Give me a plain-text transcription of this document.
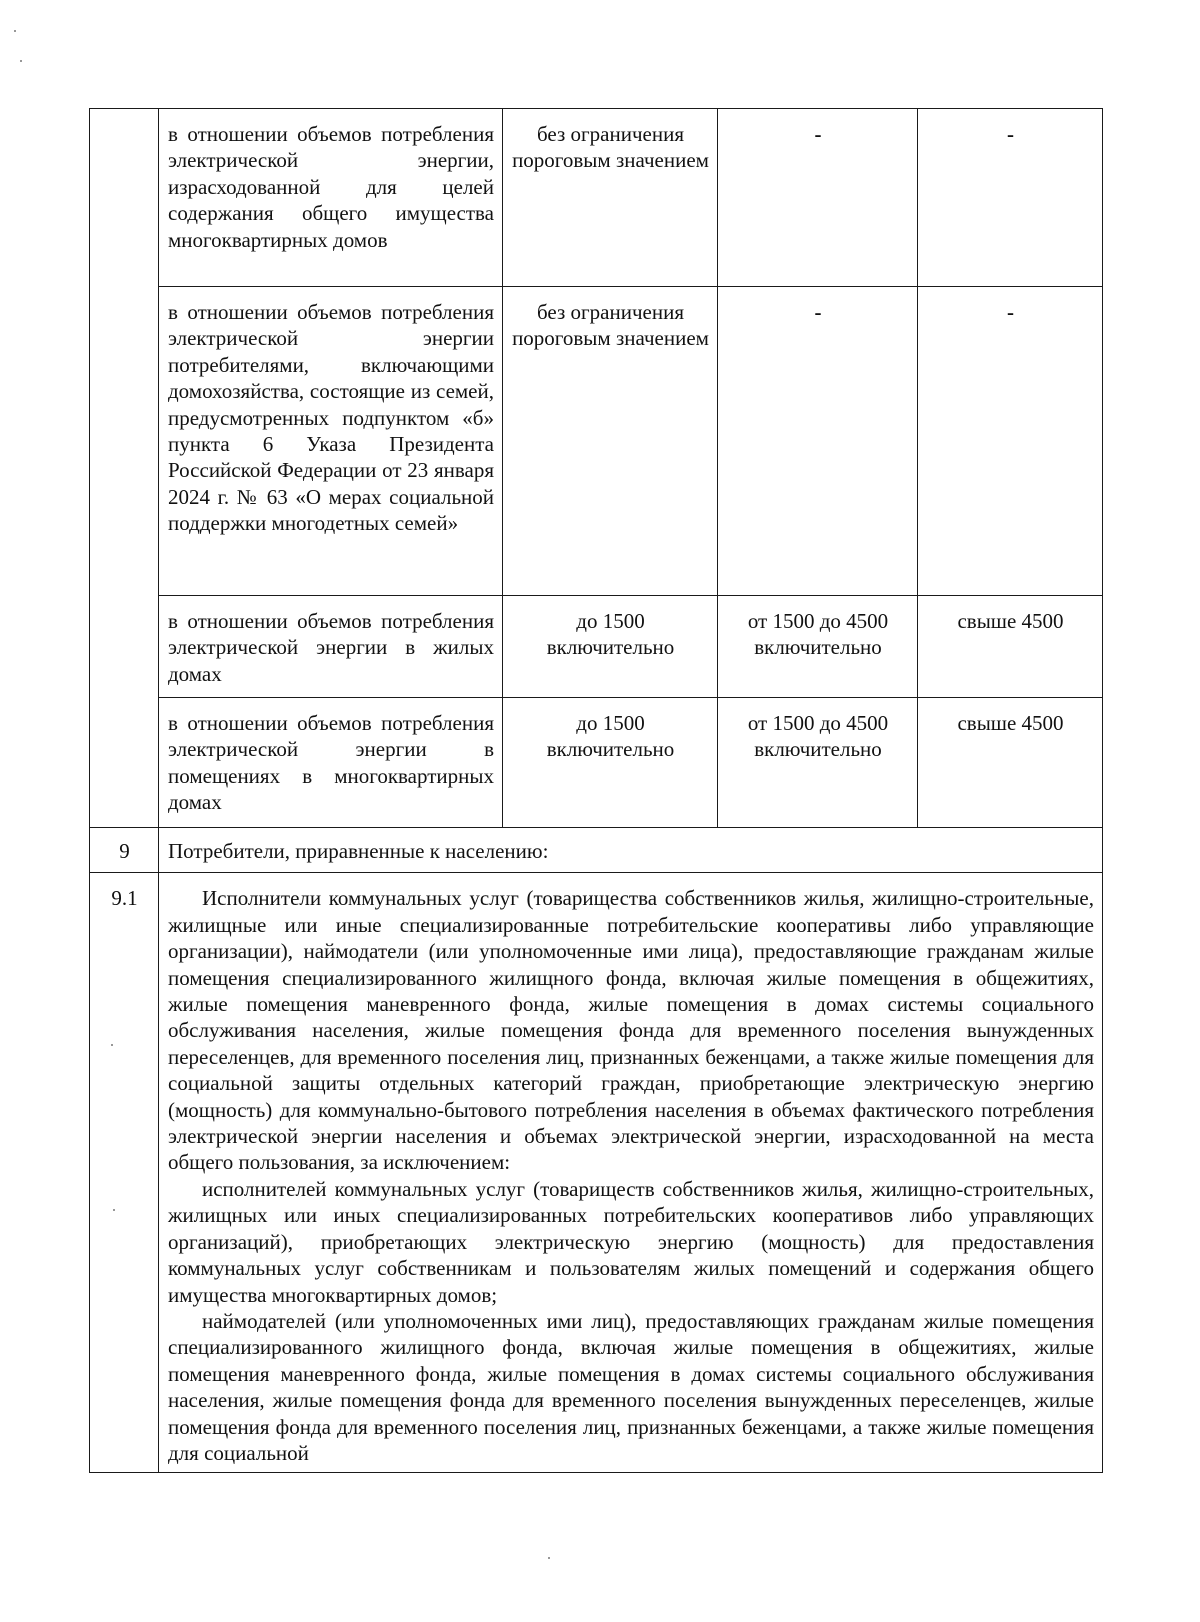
	в отношении объемов потребления электрической энергии, израсходованной для целей содержания общего имущества многоквартирных домов	без ограничения пороговым значением	-	-
	в отношении объемов потребления электрической энергии потребителями, включающими домохозяйства, состоящие из семей, предусмотренных подпунктом «б» пункта 6 Указа Президента Российской Федерации от 23 января 2024 г. № 63 «О мерах социальной поддержки многодетных семей»	без ограничения пороговым значением	-	-
	в отношении объемов потребления электрической энергии в жилых домах	до 1500 включительно	от 1500 до 4500 включительно	свыше 4500
	в отношении объемов потребления электрической энергии в помещениях в многоквартирных домах	до 1500 включительно	от 1500 до 4500 включительно	свыше 4500
9	Потребители, приравненные к населению:			
9.1	Исполнители коммунальных услуг (товарищества собственников жилья, жилищно-строительные, жилищные или иные специализированные потребительские кооперативы либо управляющие организации), наймодатели (или уполномоченные ими лица), предоставляющие гражданам жилые помещения специализированного жилищного фонда, включая жилые помещения в общежитиях, жилые помещения маневренного фонда, жилые помещения в домах системы социального обслуживания населения, жилые помещения фонда для временного поселения вынужденных переселенцев, для временного поселения лиц, признанных беженцами, а также жилые помещения для социальной защиты отдельных категорий граждан, приобретающие электрическую энергию (мощность) для коммунально-бытового потребления населения в объемах фактического потребления электрической энергии населения и объемах электрической энергии, израсходованной на места общего пользования, за исключением:

исполнителей коммунальных услуг (товариществ собственников жилья, жилищно-строительных, жилищных или иных специализированных потребительских кооперативов либо управляющих организаций), приобретающих электрическую энергию (мощность) для предоставления коммунальных услуг собственникам и пользователям жилых помещений и содержания общего имущества многоквартирных домов;

наймодателей (или уполномоченных ими лиц), предоставляющих гражданам жилые помещения специализированного жилищного фонда, включая жилые помещения в общежитиях, жилые помещения маневренного фонда, жилые помещения в домах системы социального обслуживания населения, жилые помещения фонда для временного поселения вынужденных переселенцев, жилые помещения фонда для временного поселения лиц, признанных беженцами, а также жилые помещения для социальной			
